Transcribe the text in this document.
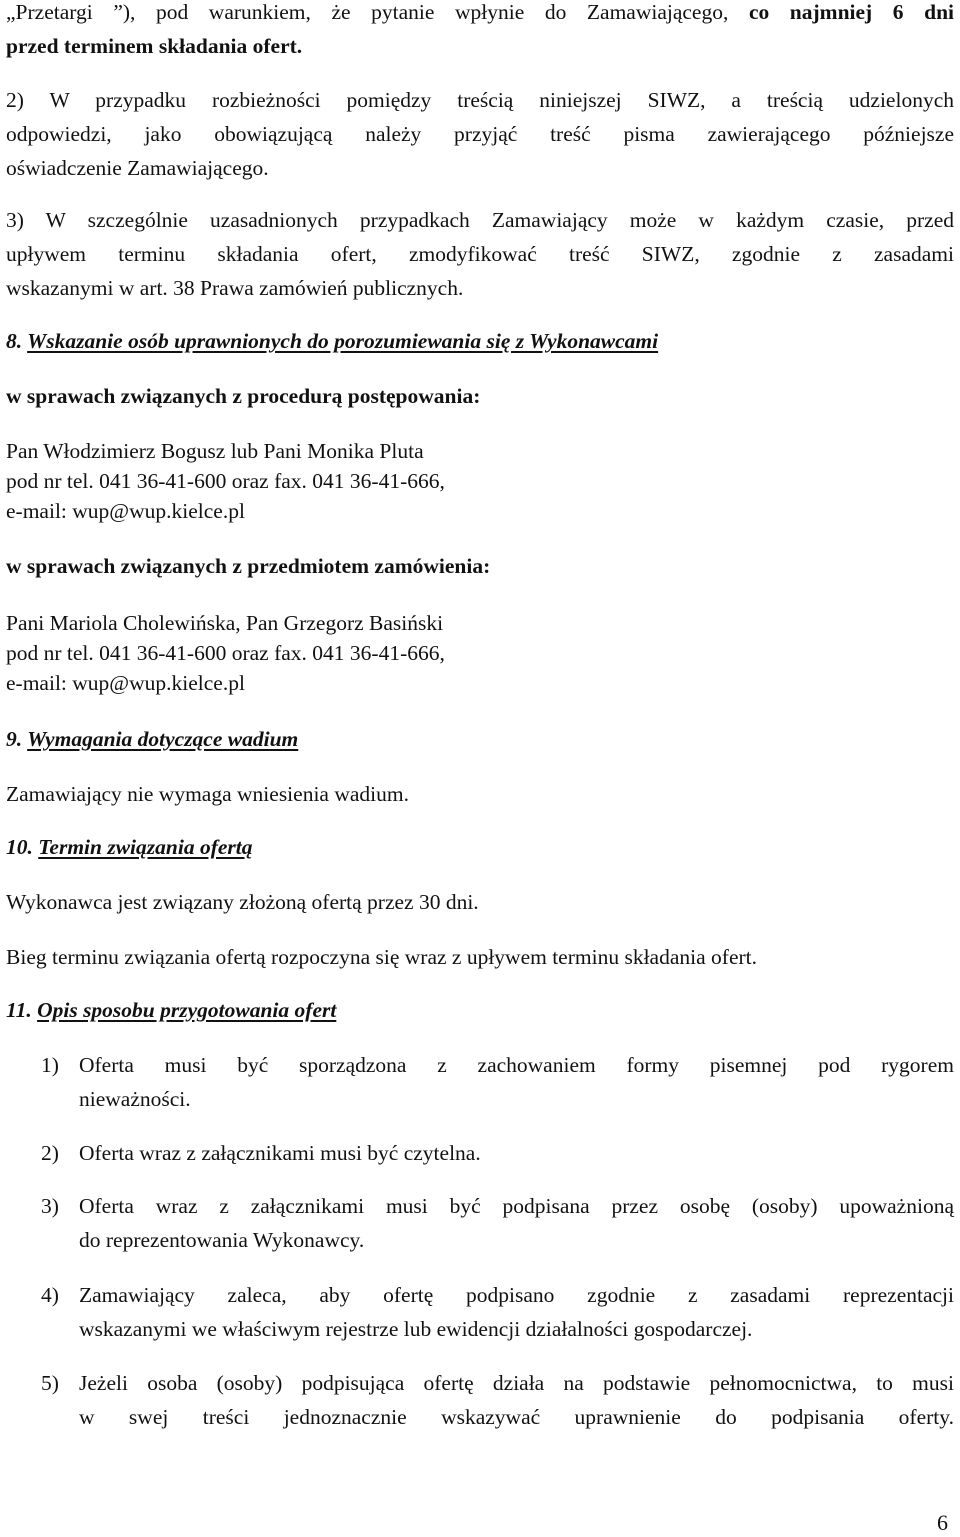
„Przetargi ”), pod warunkiem, że pytanie wpłynie do Zamawiającego, co najmniej 6 dni
przed terminem składania ofert.
2) W przypadku rozbieżności pomiędzy treścią niniejszej SIWZ, a treścią udzielonych
odpowiedzi, jako obowiązującą należy przyjąć treść pisma zawierającego późniejsze
oświadczenie Zamawiającego.
3) W szczególnie uzasadnionych przypadkach Zamawiający może w każdym czasie, przed
upływem terminu składania ofert, zmodyfikować treść SIWZ, zgodnie z zasadami
wskazanymi w art. 38 Prawa zamówień publicznych.
8. Wskazanie osób uprawnionych do porozumiewania się z Wykonawcami
w sprawach związanych z procedurą postępowania:
Pan Włodzimierz Bogusz lub Pani Monika Pluta
pod nr tel. 041 36-41-600 oraz fax. 041 36-41-666,
e-mail: wup@wup.kielce.pl
w sprawach związanych z przedmiotem zamówienia:
Pani Mariola Cholewińska, Pan Grzegorz Basiński
pod nr tel. 041 36-41-600 oraz fax. 041 36-41-666,
e-mail: wup@wup.kielce.pl
9. Wymagania dotyczące wadium
Zamawiający nie wymaga wniesienia wadium.
10. Termin związania ofertą
Wykonawca jest związany złożoną ofertą przez 30 dni.
Bieg terminu związania ofertą rozpoczyna się wraz z upływem terminu składania ofert.
11. Opis sposobu przygotowania ofert
1) Oferta musi być sporządzona z zachowaniem formy pisemnej pod rygorem
nieważności.
2) Oferta wraz z załącznikami musi być czytelna.
3) Oferta wraz z załącznikami musi być podpisana przez osobę (osoby) upoważnioną
do reprezentowania Wykonawcy.
4) Zamawiający zaleca, aby ofertę podpisano zgodnie z zasadami reprezentacji
wskazanymi we właściwym rejestrze lub ewidencji działalności gospodarczej.
5) Jeżeli osoba (osoby) podpisująca ofertę działa na podstawie pełnomocnictwa, to musi
w swej treści jednoznacznie wskazywać uprawnienie do podpisania oferty.
6
